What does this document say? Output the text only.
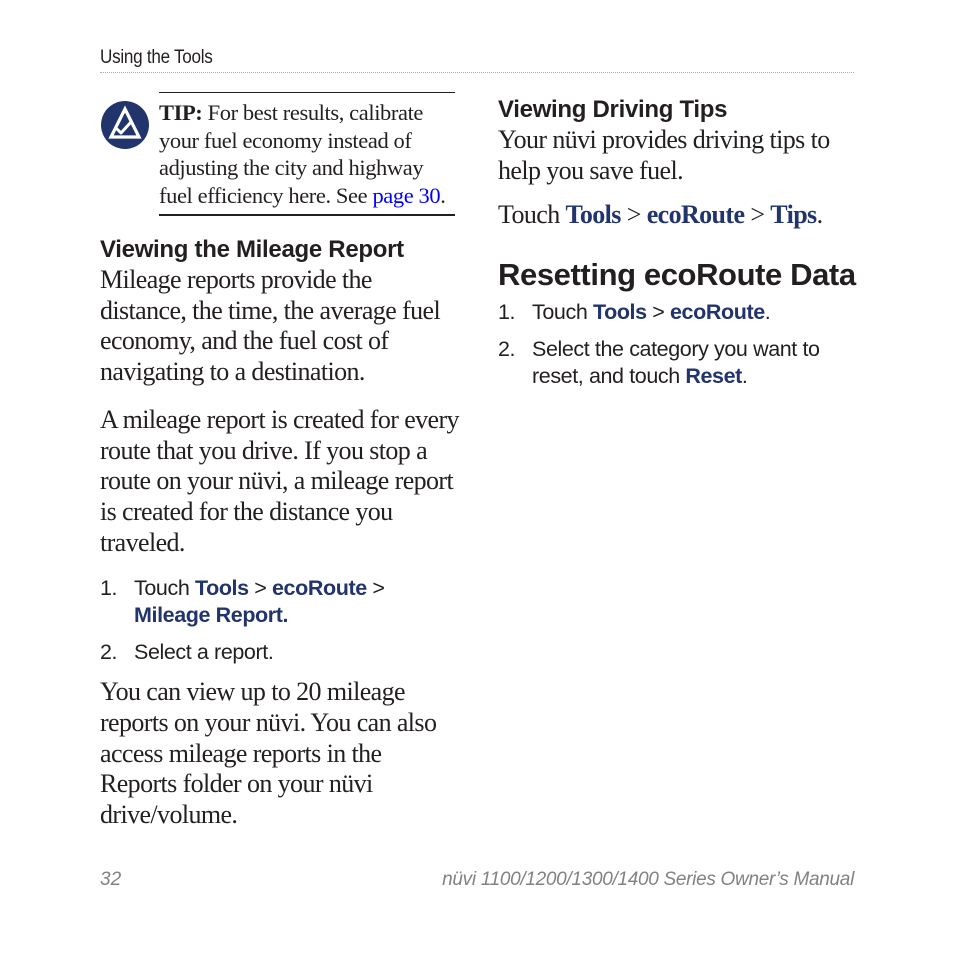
Using the Tools
TIP: For best results, calibrate your fuel economy instead of adjusting the city and highway fuel efficiency here. See page 30.
Viewing the Mileage Report

Mileage reports provide the distance, the time, the average fuel economy, and the fuel cost of navigating to a destination.

A mileage report is created for every route that you drive. If you stop a route on your nüvi, a mileage report is created for the distance you traveled.

1. Touch Tools > ecoRoute > Mileage Report.
2. Select a report.

You can view up to 20 mileage reports on your nüvi. You can also access mileage reports in the Reports folder on your nüvi drive/volume.

Viewing Driving Tips

Your nüvi provides driving tips to help you save fuel.

Touch Tools > ecoRoute > Tips.

Resetting ecoRoute Data
1. Touch Tools > ecoRoute.
2. Select the category you want to reset, and touch Reset.
32	nüvi 1100/1200/1300/1400 Series Owner’s Manual
